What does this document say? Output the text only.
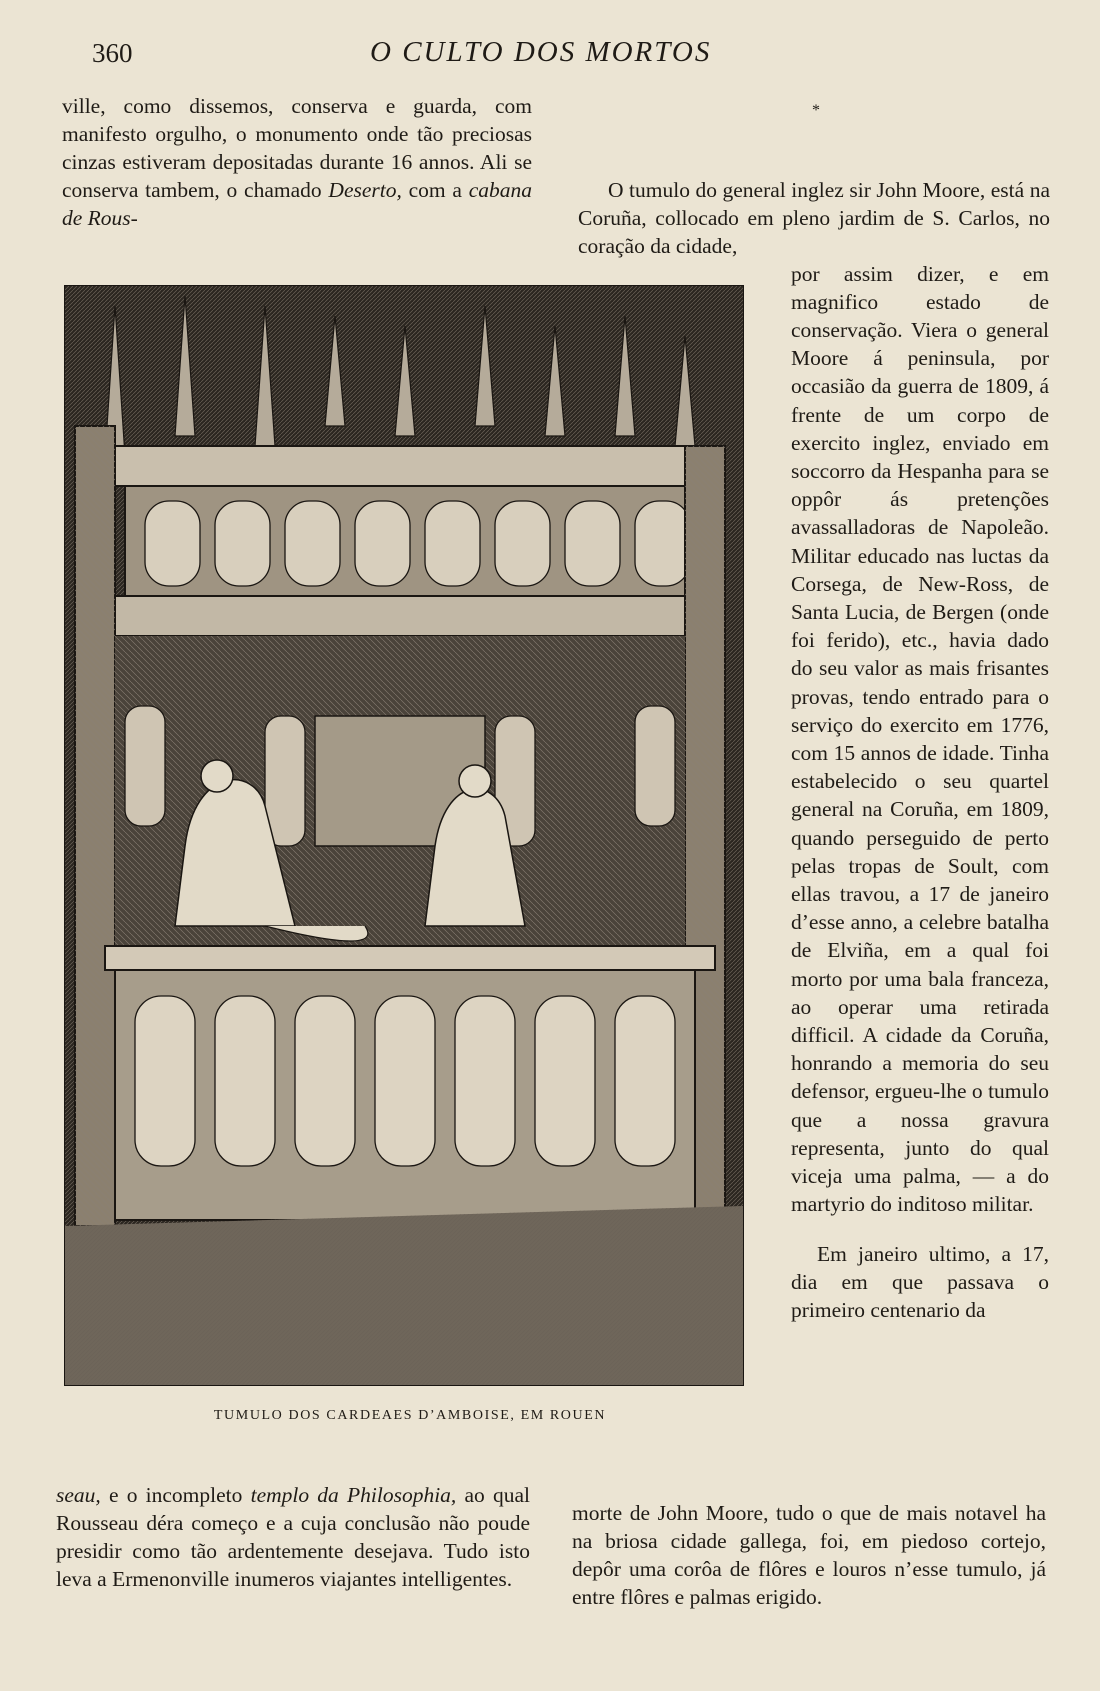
360	O CULTO DOS MORTOS

ville, como dissemos, conserva e guarda, com manifesto orgulho, o monumento onde tão preciosas cinzas estiveram depositadas durante 16 annos. Ali se conserva tambem, o chamado Deserto, com a cabana de Rous-

TUMULO DOS CARDEAES D’AMBOISE, EM ROUEN

seau, e o incompleto templo da Philosophia, ao qual Rousseau déra começo e a cuja conclusão não poude presidir como tão ardentemente desejava. Tudo isto leva a Ermenonville inumeros viajantes intelligentes.

*

O tumulo do general inglez sir John Moore, está na Coruña, collocado em pleno jardim de S. Carlos, no coração da cidade,

por assim dizer, e em magnifico estado de conservação. Viera o general Moore á peninsula, por occasião da guerra de 1809, á frente de um corpo de exercito inglez, enviado em soccorro da Hespanha para se oppôr ás pretenções avassalladoras de Napoleão. Militar educado nas luctas da Corsega, de New-Ross, de Santa Lucia, de Bergen (onde foi ferido), etc., havia dado do seu valor as mais frisantes provas, tendo entrado para o serviço do exercito em 1776, com 15 annos de idade. Tinha estabelecido o seu quartel general na Coruña, em 1809, quando perseguido de perto pelas tropas de Soult, com ellas travou, a 17 de janeiro d’esse anno, a celebre batalha de Elviña, em a qual foi morto por uma bala franceza, ao operar uma retirada difficil. A cidade da Coruña, honrando a memoria do seu defensor, ergueu-lhe o tumulo que a nossa gravura representa, junto do qual viceja uma palma, — a do martyrio do inditoso militar.

Em janeiro ultimo, a 17, dia em que passava o primeiro centenario da

morte de John Moore, tudo o que de mais notavel ha na briosa cidade gallega, foi, em piedoso cortejo, depôr uma corôa de flôres e louros n’esse tumulo, já entre flôres e palmas erigido.
